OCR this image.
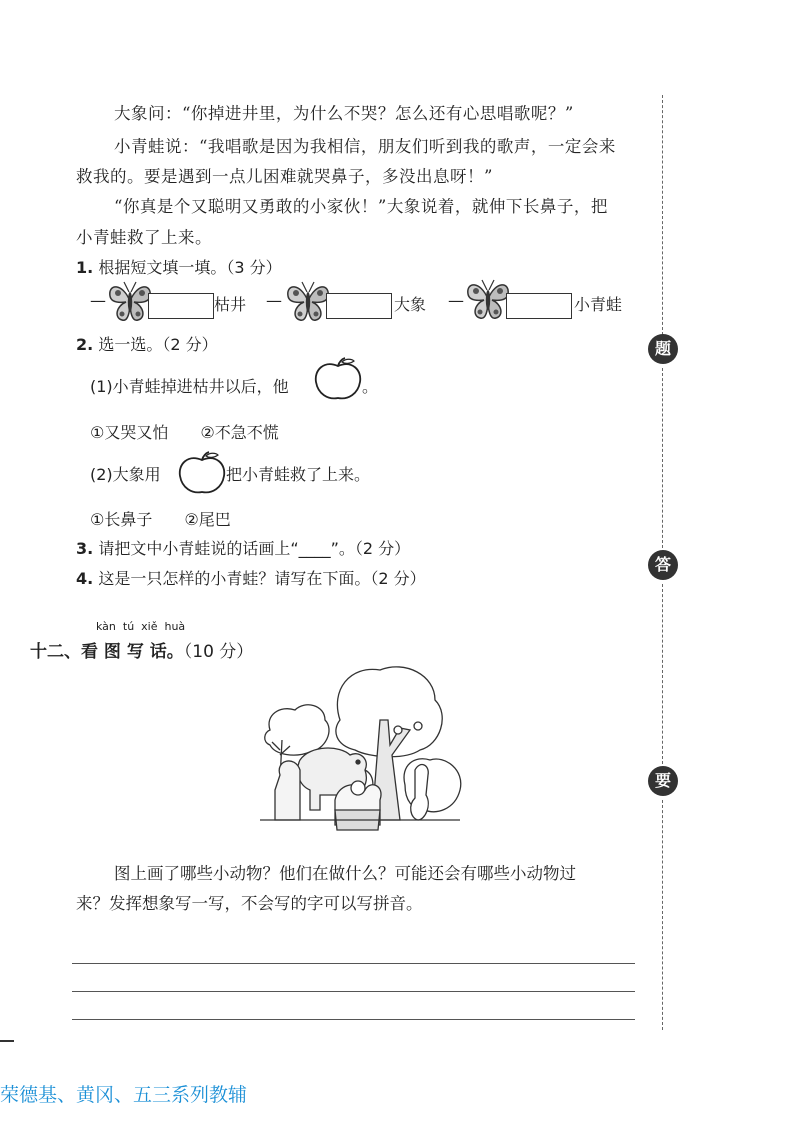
大象问：“你掉进井里，为什么不哭？怎么还有心思唱歌呢？”
小青蛙说：“我唱歌是因为我相信，朋友们听到我的歌声，一定会来
救我的。要是遇到一点儿困难就哭鼻子，多没出息呀！”
“你真是个又聪明又勇敢的小家伙！”大象说着，就伸下长鼻子，把
小青蛙救了上来。
1. 根据短文填一填。（3 分）
—	枯井 —	大象 —	小青蛙
2. 选一选。（2 分）
(1)小青蛙掉进枯井以后，他	。
①又哭又怕　　②不急不慌
(2)大象用	把小青蛙救了上来。
①长鼻子　　②尾巴
3. 请把文中小青蛙说的话画上“____”。（2 分）
4. 这是一只怎样的小青蛙？请写在下面。（2 分）
kàn  tú  xiě  huà
十二、看 图 写 话。（10 分）
图上画了哪些小动物？他们在做什么？可能还会有哪些小动物过
来？发挥想象写一写，不会写的字可以写拼音。
题
答
要
荣德基、黄冈、五三系列教辅
